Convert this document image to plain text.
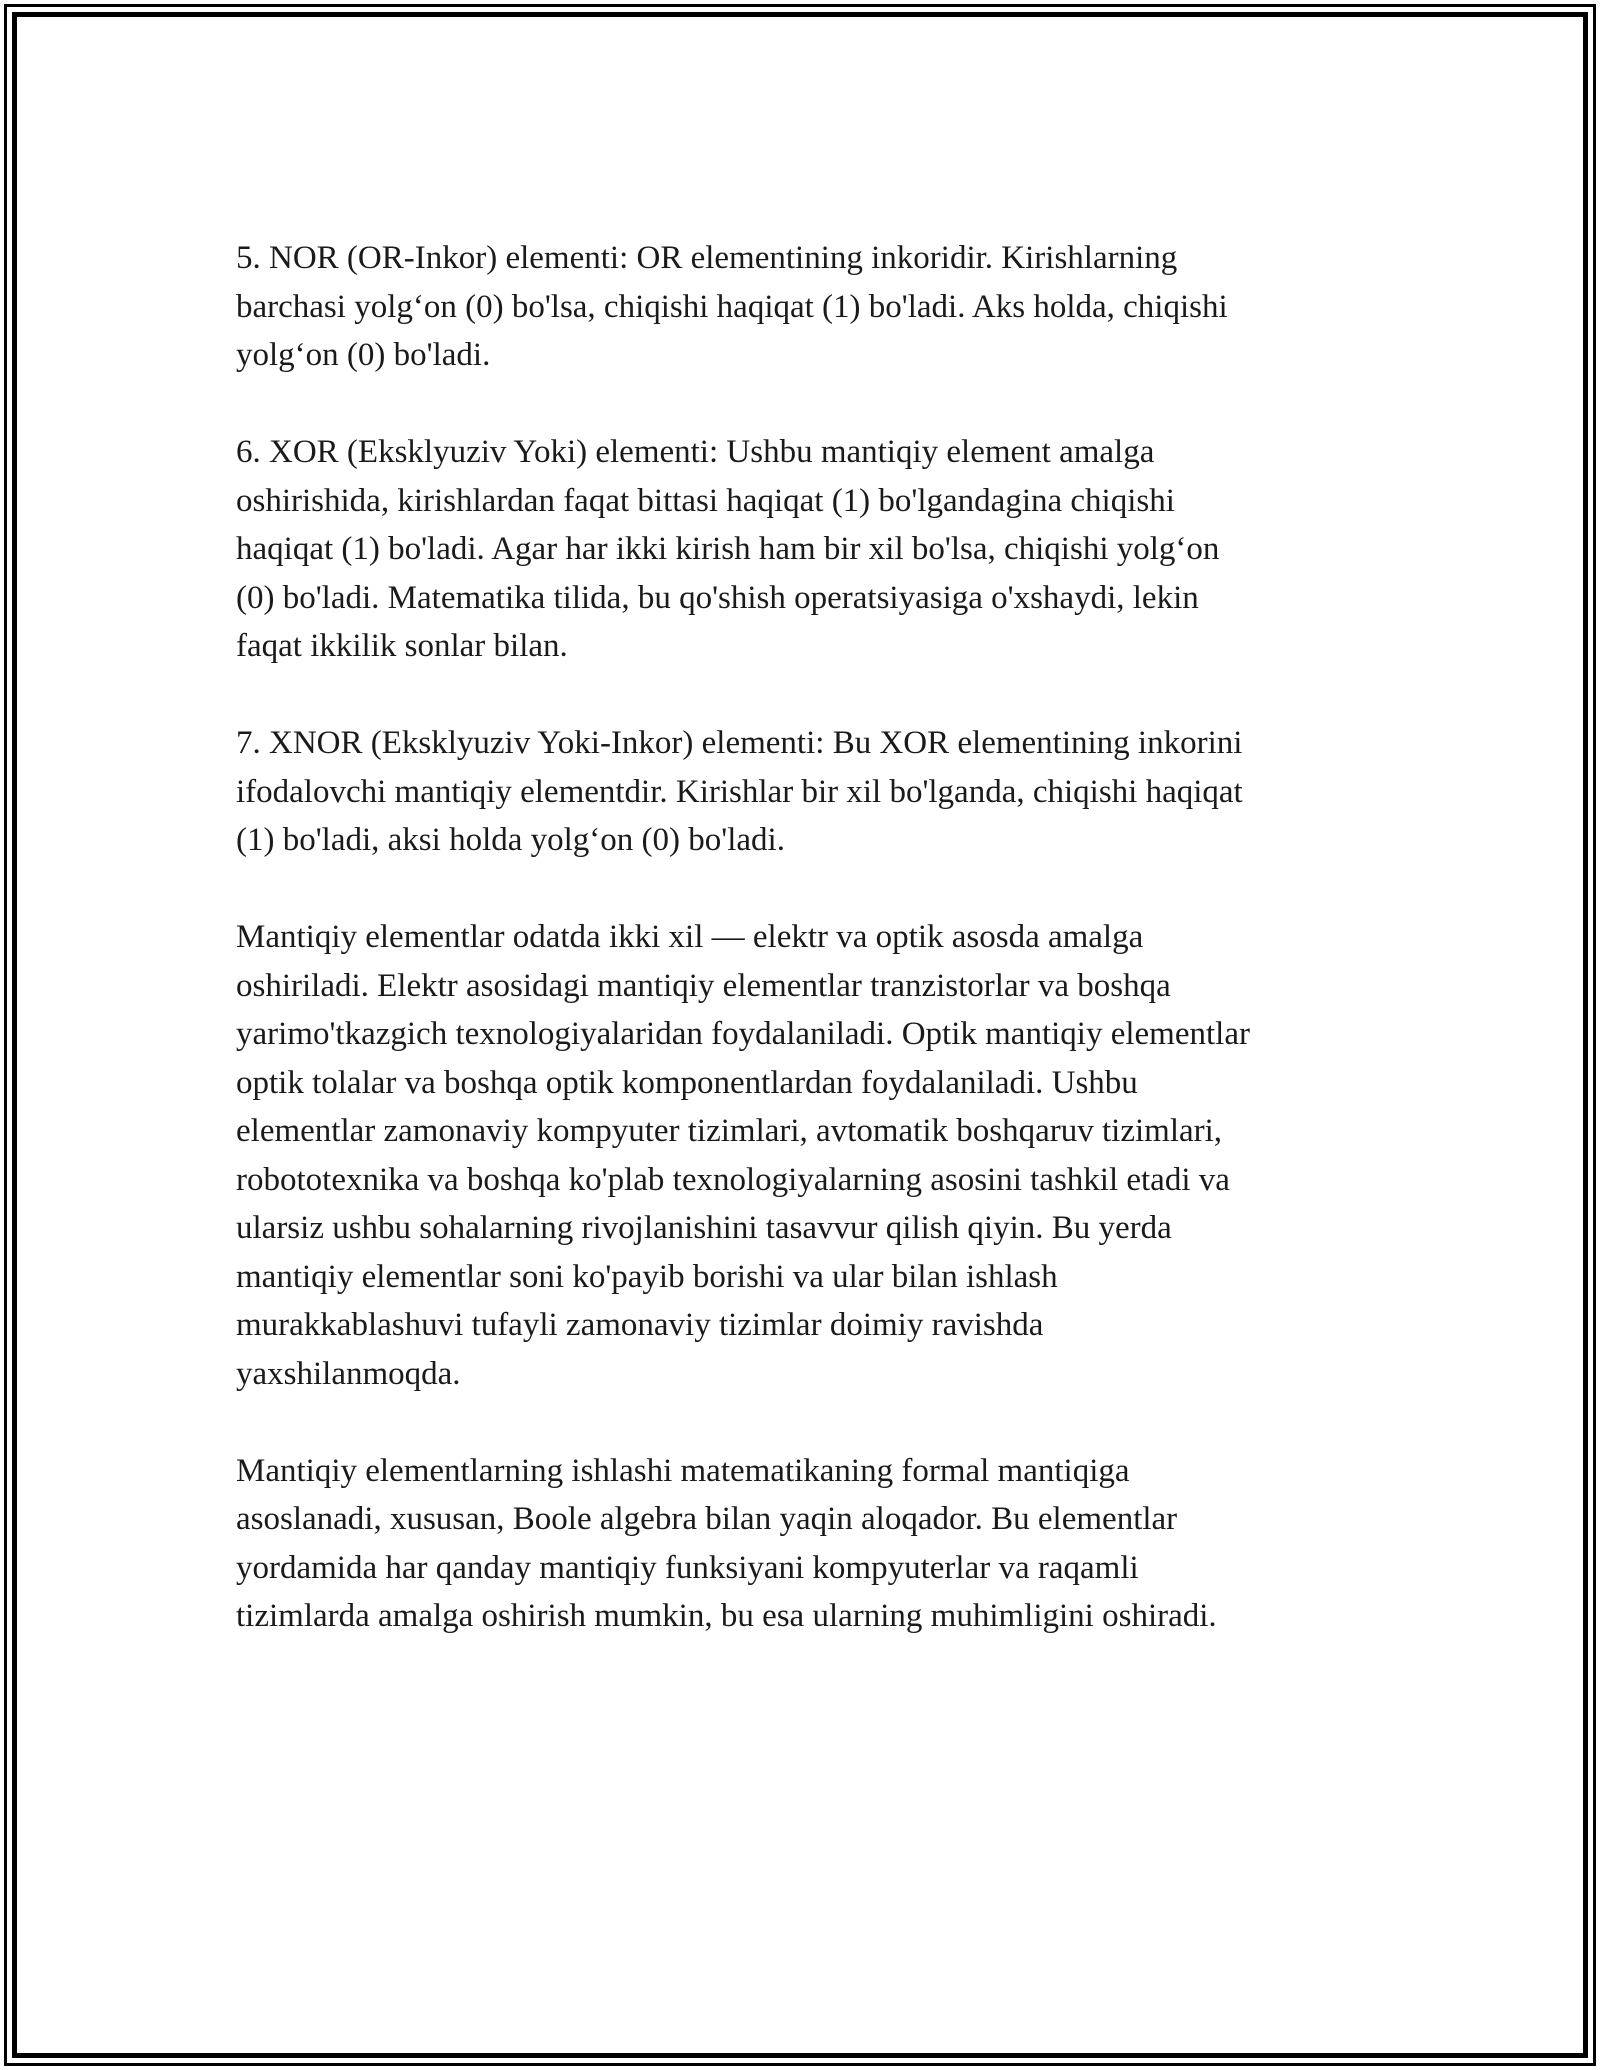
5. NOR (OR-Inkor) elementi: OR elementining inkoridir. Kirishlarning
barchasi yolg‘on (0) bo'lsa, chiqishi haqiqat (1) bo'ladi. Aks holda, chiqishi
yolg‘on (0) bo'ladi.

6. XOR (Eksklyuziv Yoki) elementi: Ushbu mantiqiy element amalga
oshirishida, kirishlardan faqat bittasi haqiqat (1) bo'lgandagina chiqishi
haqiqat (1) bo'ladi. Agar har ikki kirish ham bir xil bo'lsa, chiqishi yolg‘on
(0) bo'ladi. Matematika tilida, bu qo'shish operatsiyasiga o'xshaydi, lekin
faqat ikkilik sonlar bilan.

7. XNOR (Eksklyuziv Yoki-Inkor) elementi: Bu XOR elementining inkorini
ifodalovchi mantiqiy elementdir. Kirishlar bir xil bo'lganda, chiqishi haqiqat
(1) bo'ladi, aksi holda yolg‘on (0) bo'ladi.

Mantiqiy elementlar odatda ikki xil — elektr va optik asosda amalga
oshiriladi. Elektr asosidagi mantiqiy elementlar tranzistorlar va boshqa
yarimo'tkazgich texnologiyalaridan foydalaniladi. Optik mantiqiy elementlar
optik tolalar va boshqa optik komponentlardan foydalaniladi. Ushbu
elementlar zamonaviy kompyuter tizimlari, avtomatik boshqaruv tizimlari,
robototexnika va boshqa ko'plab texnologiyalarning asosini tashkil etadi va
ularsiz ushbu sohalarning rivojlanishini tasavvur qilish qiyin. Bu yerda
mantiqiy elementlar soni ko'payib borishi va ular bilan ishlash
murakkablashuvi tufayli zamonaviy tizimlar doimiy ravishda
yaxshilanmoqda.

Mantiqiy elementlarning ishlashi matematikaning formal mantiqiga
asoslanadi, xususan, Boole algebra bilan yaqin aloqador. Bu elementlar
yordamida har qanday mantiqiy funksiyani kompyuterlar va raqamli
tizimlarda amalga oshirish mumkin, bu esa ularning muhimligini oshiradi.
